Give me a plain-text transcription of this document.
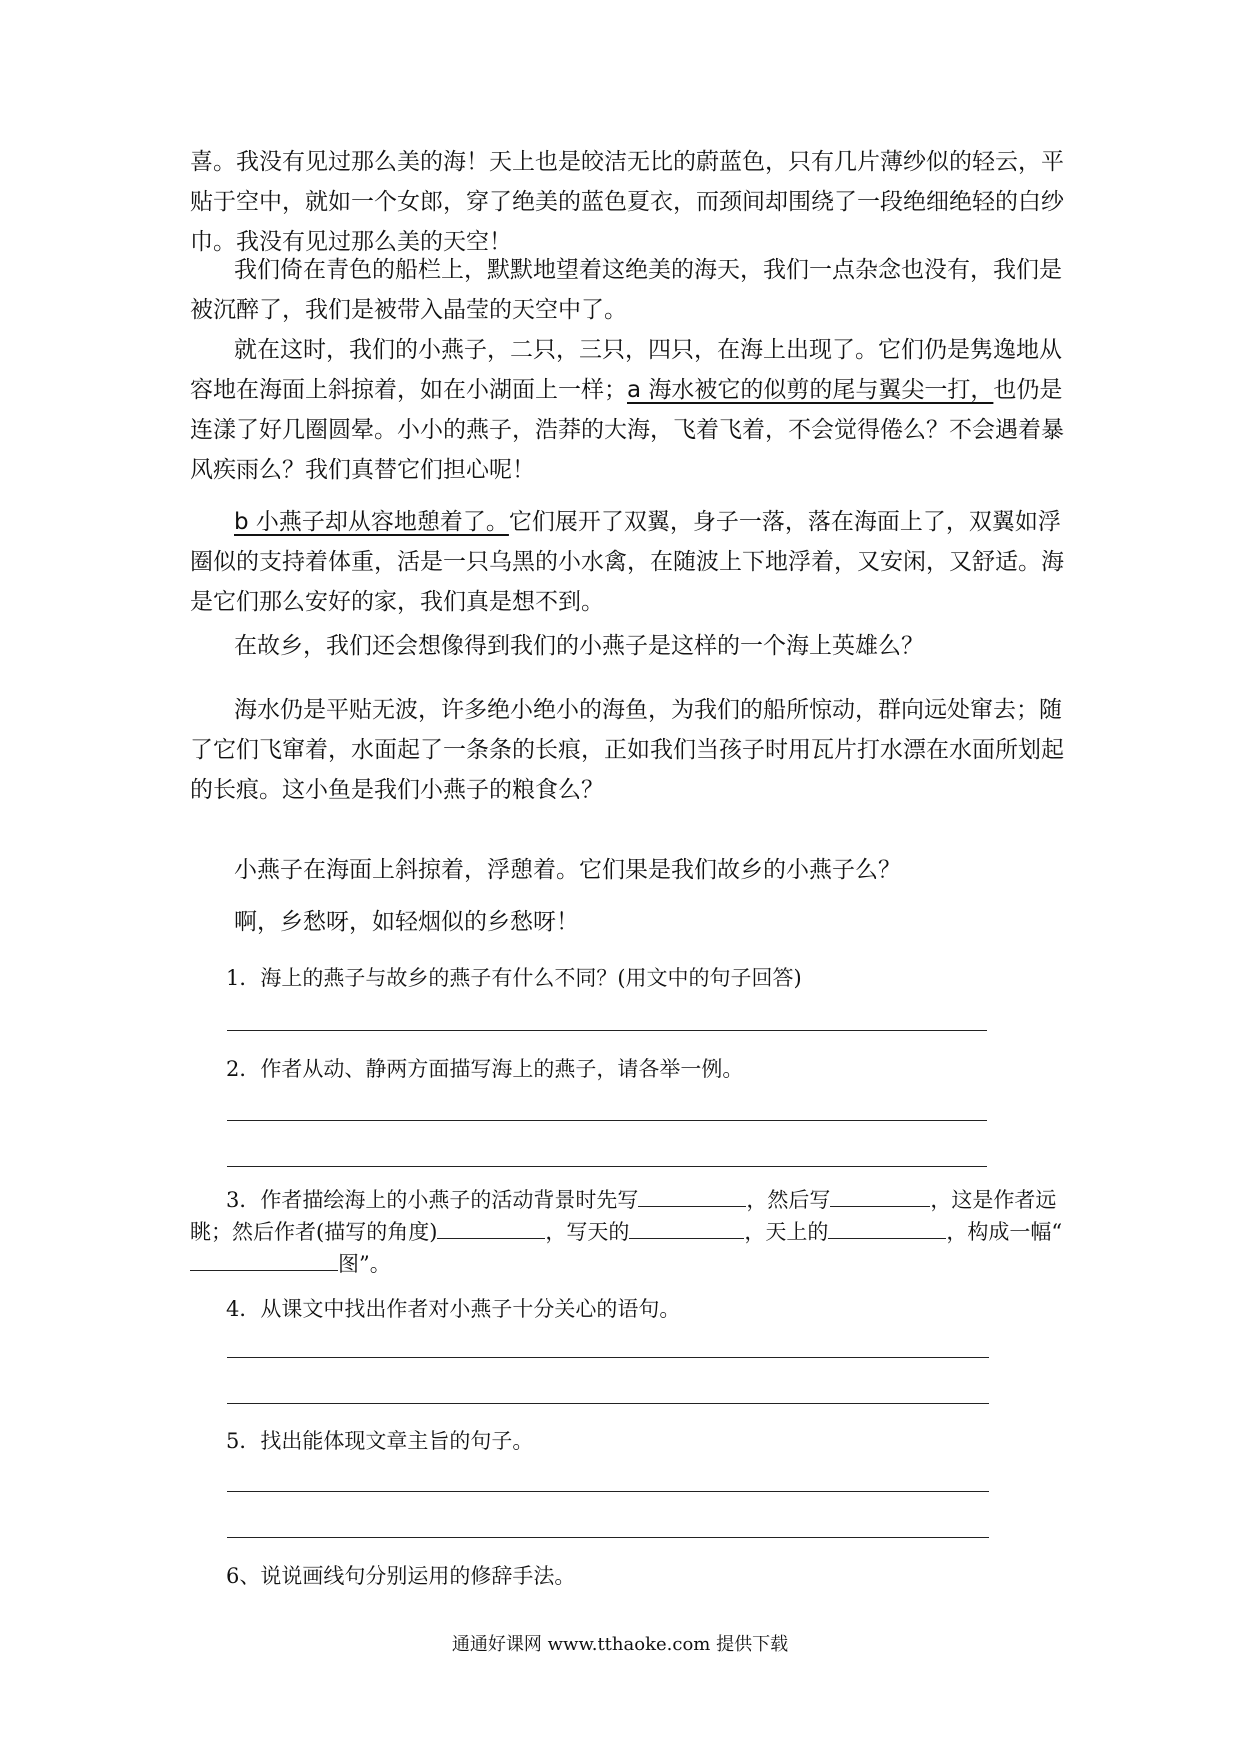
喜。我没有见过那么美的海！天上也是皎洁无比的蔚蓝色，只有几片薄纱似的轻云，平贴于空中，就如一个女郎，穿了绝美的蓝色夏衣，而颈间却围绕了一段绝细绝轻的白纱巾。我没有见过那么美的天空！

我们倚在青色的船栏上，默默地望着这绝美的海天，我们一点杂念也没有，我们是被沉醉了，我们是被带入晶莹的天空中了。

就在这时，我们的小燕子，二只，三只，四只，在海上出现了。它们仍是隽逸地从容地在海面上斜掠着，如在小湖面上一样；a 海水被它的似剪的尾与翼尖一打，也仍是连漾了好几圈圆晕。小小的燕子，浩莽的大海，飞着飞着，不会觉得倦么？不会遇着暴风疾雨么？我们真替它们担心呢！

b 小燕子却从容地憩着了。它们展开了双翼，身子一落，落在海面上了，双翼如浮圈似的支持着体重，活是一只乌黑的小水禽，在随波上下地浮着，又安闲，又舒适。海是它们那么安好的家，我们真是想不到。

在故乡，我们还会想像得到我们的小燕子是这样的一个海上英雄么？

海水仍是平贴无波，许多绝小绝小的海鱼，为我们的船所惊动，群向远处窜去；随了它们飞窜着，水面起了一条条的长痕，正如我们当孩子时用瓦片打水漂在水面所划起的长痕。这小鱼是我们小燕子的粮食么？

小燕子在海面上斜掠着，浮憩着。它们果是我们故乡的小燕子么？

啊，乡愁呀，如轻烟似的乡愁呀！

1．海上的燕子与故乡的燕子有什么不同？(用文中的句子回答)

2．作者从动、静两方面描写海上的燕子，请各举一例。

3．作者描绘海上的小燕子的活动背景时先写	，然后写	，这是作者远眺；然后作者(描写的角度)	，写天的	，天上的	，构成一幅“图”。

4．从课文中找出作者对小燕子十分关心的语句。

5．找出能体现文章主旨的句子。

6、说说画线句分别运用的修辞手法。

通通好课网 www.tthaoke.com 提供下载
